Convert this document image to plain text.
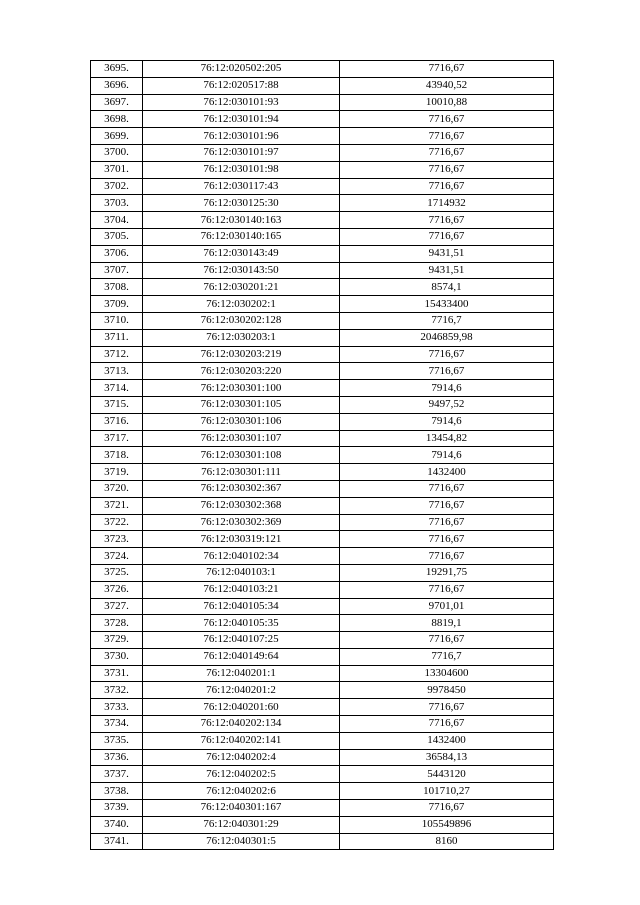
3695.	76:12:020502:205	7716,67
3696.	76:12:020517:88	43940,52
3697.	76:12:030101:93	10010,88
3698.	76:12:030101:94	7716,67
3699.	76:12:030101:96	7716,67
3700.	76:12:030101:97	7716,67
3701.	76:12:030101:98	7716,67
3702.	76:12:030117:43	7716,67
3703.	76:12:030125:30	1714932
3704.	76:12:030140:163	7716,67
3705.	76:12:030140:165	7716,67
3706.	76:12:030143:49	9431,51
3707.	76:12:030143:50	9431,51
3708.	76:12:030201:21	8574,1
3709.	76:12:030202:1	15433400
3710.	76:12:030202:128	7716,7
3711.	76:12:030203:1	2046859,98
3712.	76:12:030203:219	7716,67
3713.	76:12:030203:220	7716,67
3714.	76:12:030301:100	7914,6
3715.	76:12:030301:105	9497,52
3716.	76:12:030301:106	7914,6
3717.	76:12:030301:107	13454,82
3718.	76:12:030301:108	7914,6
3719.	76:12:030301:111	1432400
3720.	76:12:030302:367	7716,67
3721.	76:12:030302:368	7716,67
3722.	76:12:030302:369	7716,67
3723.	76:12:030319:121	7716,67
3724.	76:12:040102:34	7716,67
3725.	76:12:040103:1	19291,75
3726.	76:12:040103:21	7716,67
3727.	76:12:040105:34	9701,01
3728.	76:12:040105:35	8819,1
3729.	76:12:040107:25	7716,67
3730.	76:12:040149:64	7716,7
3731.	76:12:040201:1	13304600
3732.	76:12:040201:2	9978450
3733.	76:12:040201:60	7716,67
3734.	76:12:040202:134	7716,67
3735.	76:12:040202:141	1432400
3736.	76:12:040202:4	36584,13
3737.	76:12:040202:5	5443120
3738.	76:12:040202:6	101710,27
3739.	76:12:040301:167	7716,67
3740.	76:12:040301:29	105549896
3741.	76:12:040301:5	8160
